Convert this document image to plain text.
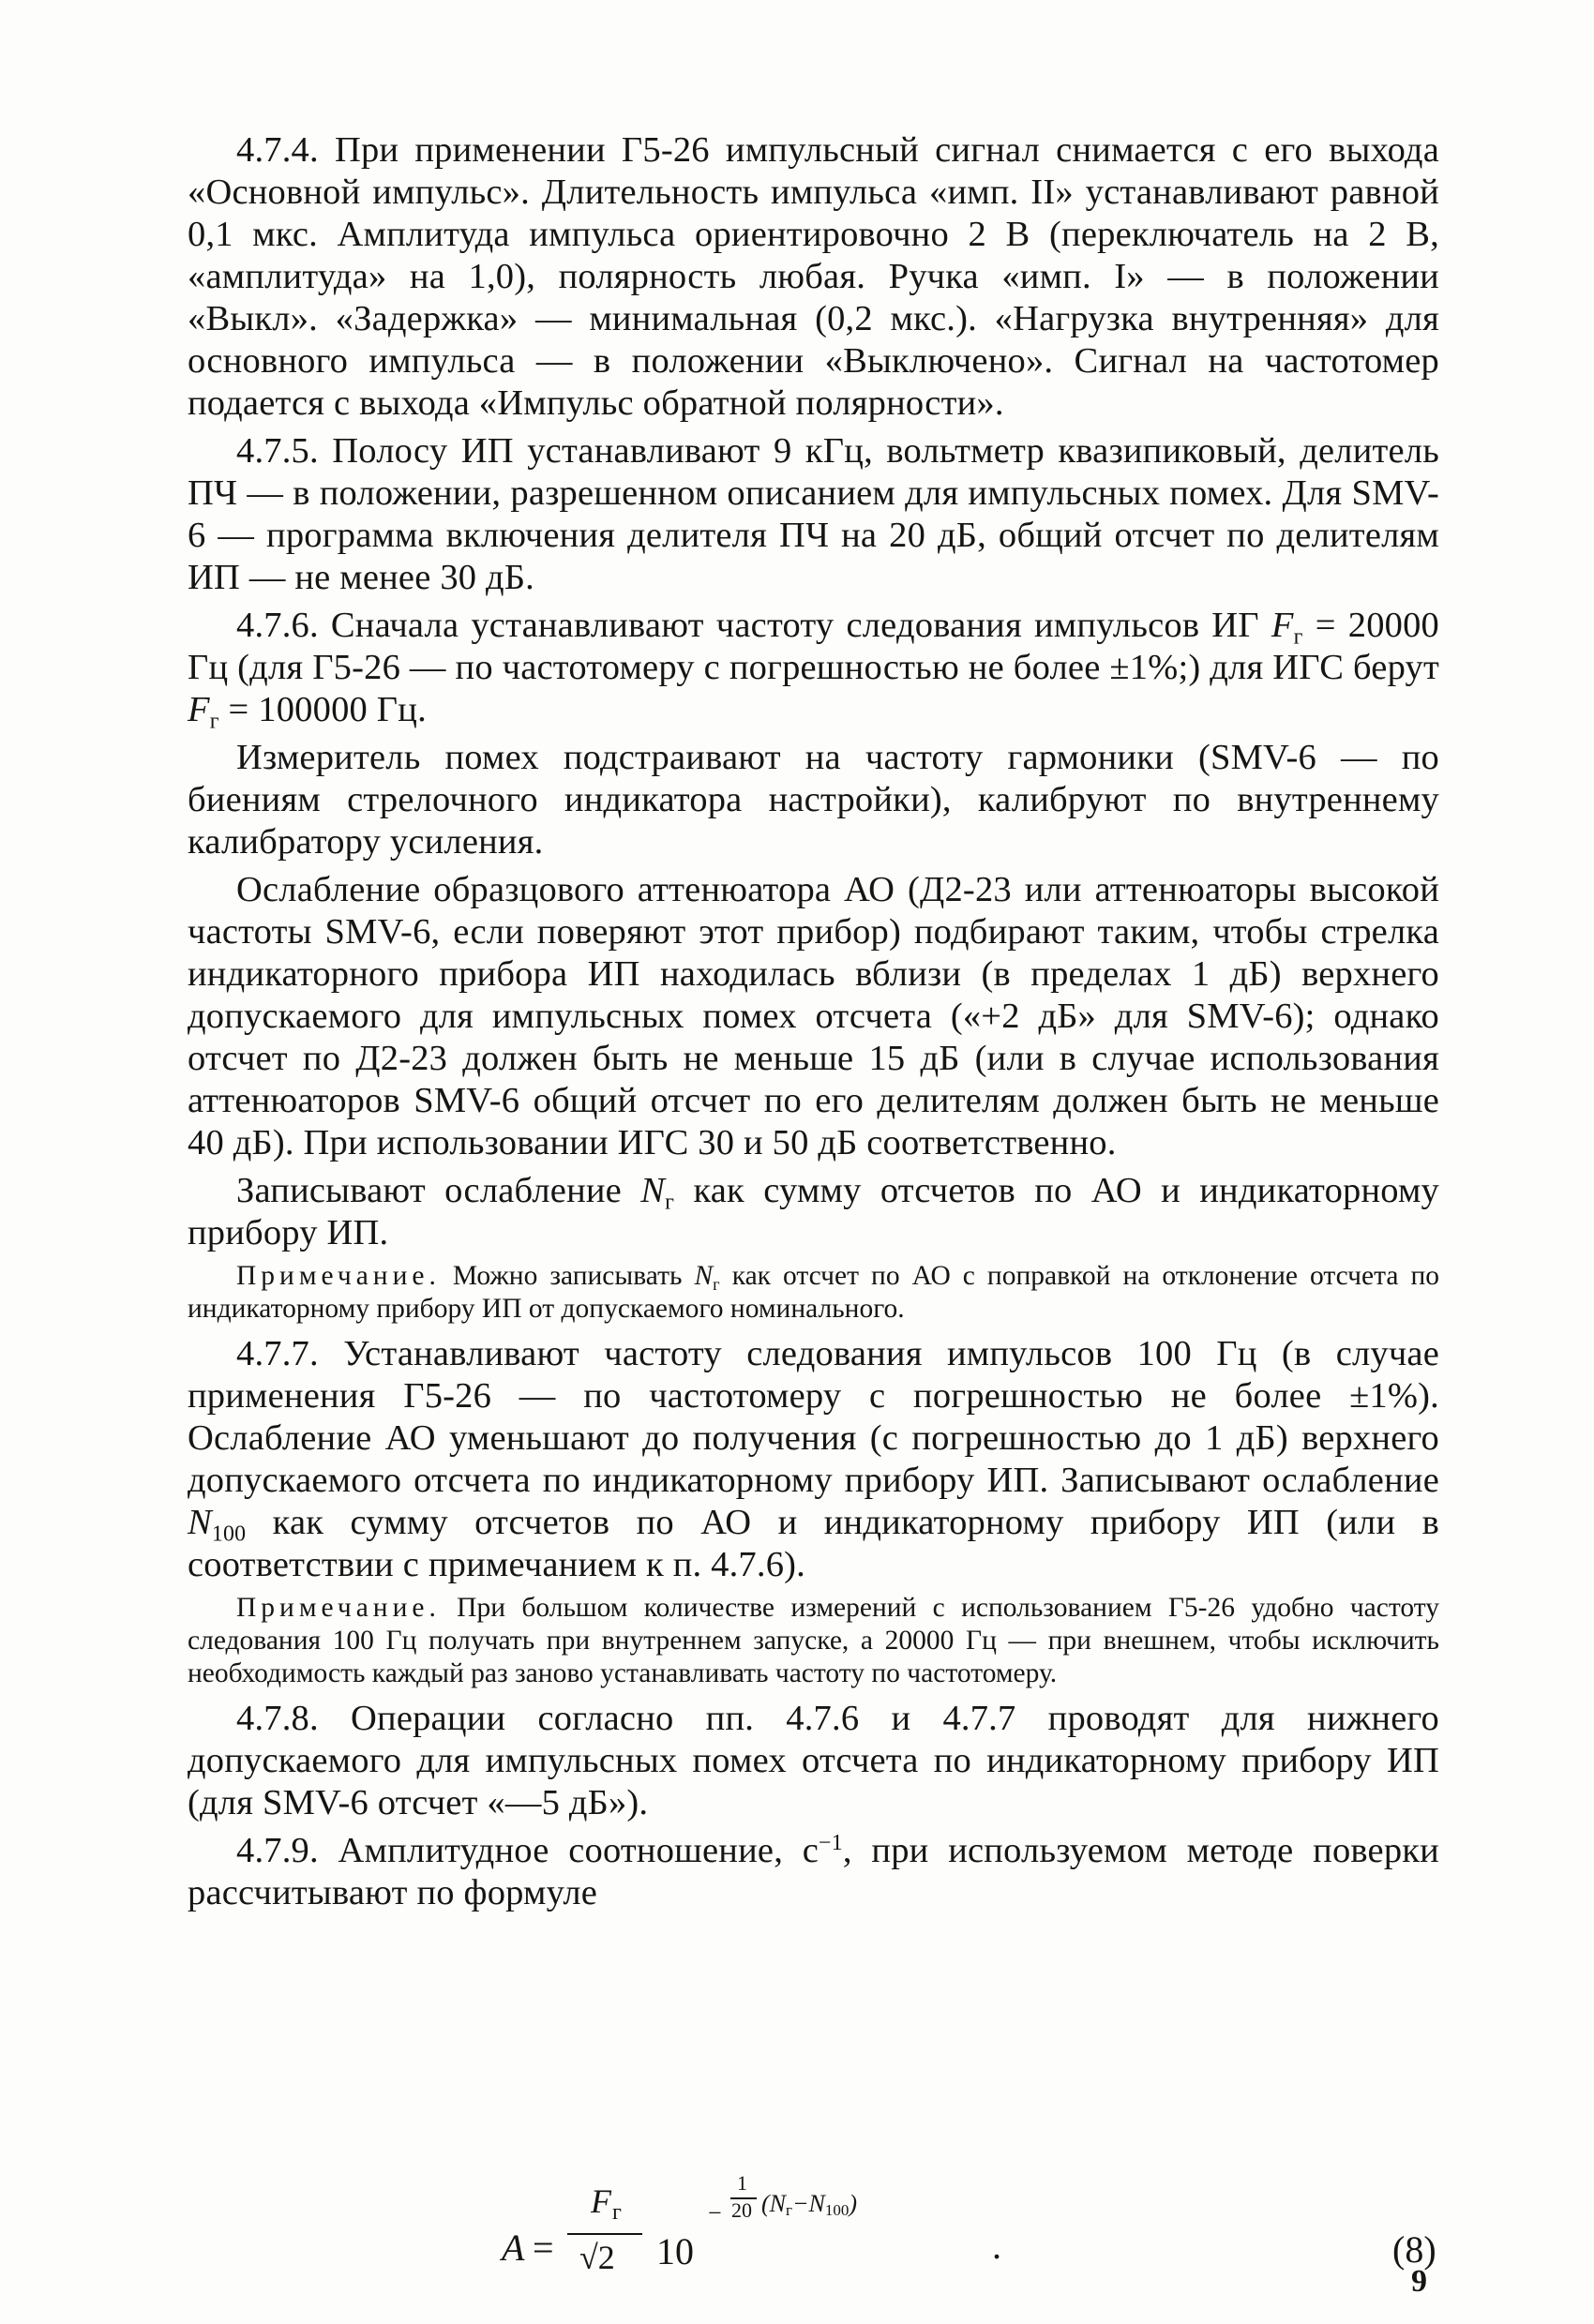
4.7.4. При применении Г5-26 импульсный сигнал снимается с его выхода «Основной импульс». Длительность импульса «имп. II» устанавливают равной 0,1 мкс. Амплитуда импульса ориентировочно 2 В (переключатель на 2 В, «амплитуда» на 1,0), полярность любая. Ручка «имп. I» — в положении «Выкл». «Задержка» — минимальная (0,2 мкс.). «Нагрузка внутренняя» для основного импульса — в положении «Выключено». Сигнал на частотомер подается с выхода «Импульс обратной полярности».

4.7.5. Полосу ИП устанавливают 9 кГц, вольтметр квазипиковый, делитель ПЧ — в положении, разрешенном описанием для импульсных помех. Для SMV-6 — программа включения делителя ПЧ на 20 дБ, общий отсчет по делителям ИП — не менее 30 дБ.

4.7.6. Сначала устанавливают частоту следования импульсов ИГ $F_г = 20000$ Гц (для Г5-26 — по частотомеру с погрешностью не более ±1%;) для ИГС берут $F_г = 100000$ Гц.

Измеритель помех подстраивают на частоту гармоники (SMV-6 — по биениям стрелочного индикатора настройки), калибруют по внутреннему калибратору усиления.

Ослабление образцового аттенюатора АО (Д2-23 или аттенюаторы высокой частоты SMV-6, если поверяют этот прибор) подбирают таким, чтобы стрелка индикаторного прибора ИП находилась вблизи (в пределах 1 дБ) верхнего допускаемого для импульсных помех отсчета («+2 дБ» для SMV-6); однако отсчет по Д2-23 должен быть не меньше 15 дБ (или в случае использования аттенюаторов SMV-6 общий отсчет по его делителям должен быть не меньше 40 дБ). При использовании ИГС 30 и 50 дБ соответственно.

Записывают ослабление $N_г$ как сумму отсчетов по АО и индикаторному прибору ИП.

Примечание. Можно записывать $N_г$ как отсчет по АО с поправкой на отклонение отсчета по индикаторному прибору ИП от допускаемого номинального.

4.7.7. Устанавливают частоту следования импульсов 100 Гц (в случае применения Г5-26 — по частотомеру с погрешностью не более ±1%). Ослабление АО уменьшают до получения (с погрешностью до 1 дБ) верхнего допускаемого отсчета по индикаторному прибору ИП. Записывают ослабление $N_{100}$ как сумму отсчетов по АО и индикаторному прибору ИП (или в соответствии с примечанием к п. 4.7.6).

Примечание. При большом количестве измерений с использованием Г5-26 удобно частоту следования 100 Гц получать при внутреннем запуске, а 20000 Гц — при внешнем, чтобы исключить необходимость каждый раз заново устанавливать частоту по частотомеру.

4.7.8. Операции согласно пп. 4.7.6 и 4.7.7 проводят для нижнего допускаемого для импульсных помех отсчета по индикаторному прибору ИП (для SMV-6 отсчет «—5 дБ»).

4.7.9. Амплитудное соотношение, $с^{-1}$, при используемом методе поверки рассчитывают по формуле

A =
F г
√2 10
−
1
20 (Nг−N100)
.	(8)
9
